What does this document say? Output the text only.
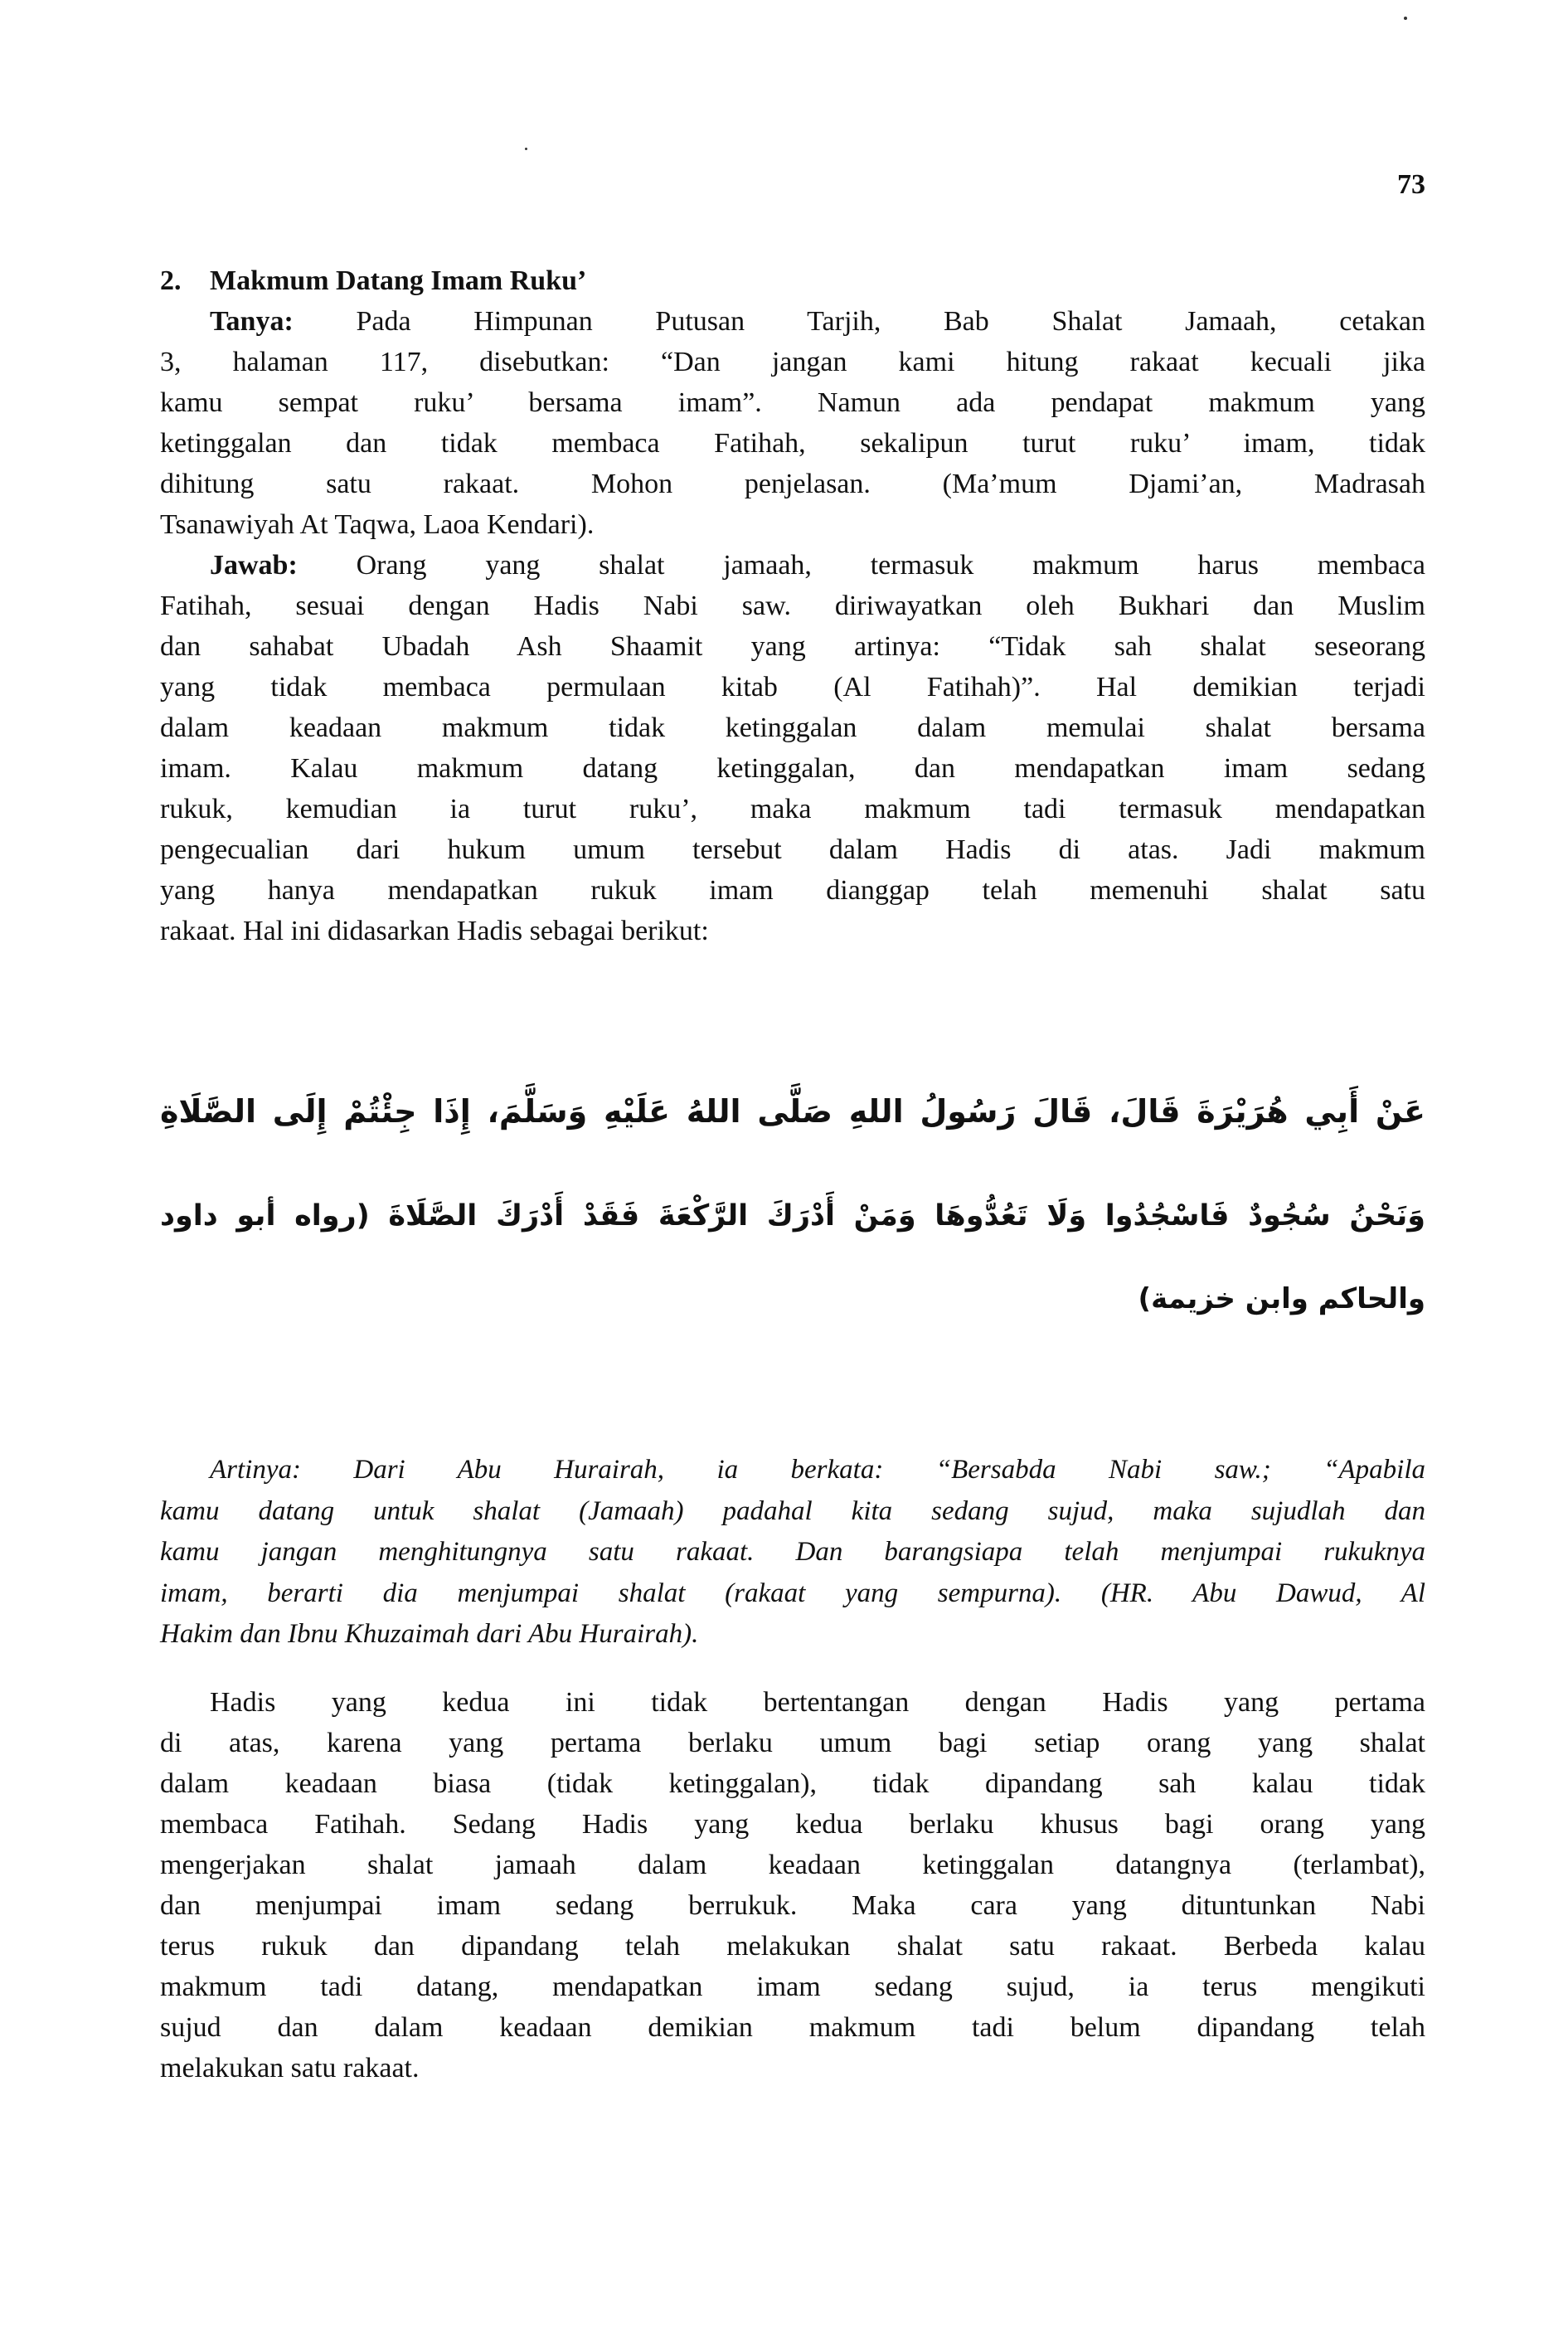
73
2.	Makmum Datang Imam Ruku’
Tanya: Pada Himpunan Putusan Tarjih, Bab Shalat Jamaah, cetakan
3, halaman 117, disebutkan: “Dan jangan kami hitung rakaat kecuali jika
kamu sempat ruku’ bersama imam”. Namun ada pendapat makmum yang
ketinggalan dan tidak membaca Fatihah, sekalipun turut ruku’ imam, tidak
dihitung satu rakaat. Mohon penjelasan. (Ma’mum Djami’an, Madrasah
Tsanawiyah At Taqwa, Laoa Kendari).
Jawab: Orang yang shalat jamaah, termasuk makmum harus membaca
Fatihah, sesuai dengan Hadis Nabi saw. diriwayatkan oleh Bukhari dan Muslim
dan sahabat Ubadah Ash Shaamit yang artinya: “Tidak sah shalat seseorang
yang tidak membaca permulaan kitab (Al Fatihah)”. Hal demikian terjadi
dalam keadaan makmum tidak ketinggalan dalam memulai shalat bersama
imam. Kalau makmum datang ketinggalan, dan mendapatkan imam sedang
rukuk, kemudian ia turut ruku’, maka makmum tadi termasuk mendapatkan
pengecualian dari hukum umum tersebut dalam Hadis di atas. Jadi makmum
yang hanya mendapatkan rukuk imam dianggap telah memenuhi shalat satu
rakaat. Hal ini didasarkan Hadis sebagai berikut:
عَنْ أَبِي هُرَيْرَةَ قَالَ، قَالَ رَسُولُ اللهِ صَلَّى اللهُ عَلَيْهِ وَسَلَّمَ، إِذَا جِئْتُمْ إِلَى الصَّلَاةِ
وَنَحْنُ سُجُودٌ فَاسْجُدُوا وَلَا تَعُدُّوهَا وَمَنْ أَدْرَكَ الرَّكْعَةَ فَقَدْ أَدْرَكَ الصَّلَاةَ (رواه أبو داود
والحاكم وابن خزيمة)
Artinya: Dari Abu Hurairah, ia berkata: “Bersabda Nabi saw.; “Apabila
kamu datang untuk shalat (Jamaah) padahal kita sedang sujud, maka sujudlah dan
kamu jangan menghitungnya satu rakaat. Dan barangsiapa telah menjumpai rukuknya
imam, berarti dia menjumpai shalat (rakaat yang sempurna). (HR. Abu Dawud, Al
Hakim dan Ibnu Khuzaimah dari Abu Hurairah).
Hadis yang kedua ini tidak bertentangan dengan Hadis yang pertama
di atas, karena yang pertama berlaku umum bagi setiap orang yang shalat
dalam keadaan biasa (tidak ketinggalan), tidak dipandang sah kalau tidak
membaca Fatihah. Sedang Hadis yang kedua berlaku khusus bagi orang yang
mengerjakan shalat jamaah dalam keadaan ketinggalan datangnya (terlambat),
dan menjumpai imam sedang berrukuk. Maka cara yang dituntunkan Nabi
terus rukuk dan dipandang telah melakukan shalat satu rakaat. Berbeda kalau
makmum tadi datang, mendapatkan imam sedang sujud, ia terus mengikuti
sujud dan dalam keadaan demikian makmum tadi belum dipandang telah
melakukan satu rakaat.
